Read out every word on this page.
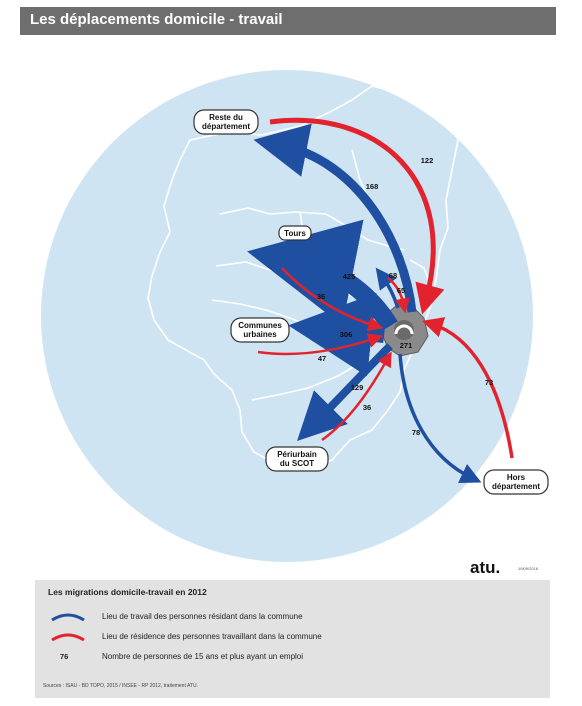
Les déplacements domicile - travail
425
36
306
47
129
36
168
122
78
73
68
65
271
Reste du
département
Tours
Communes
urbaines
Périurbain
du SCOT
Hors
département
atu.	19/09/2016
Les migrations domicile-travail en 2012
Lieu de travail des personnes résidant dans la commune
Lieu de résidence des personnes travaillant dans la commune
76	Nombre de personnes de 15 ans et plus ayant un emploi
Sources : ISAU - BD TOPO, 2015 / INSEE - RP 2012, traitement ATU.
